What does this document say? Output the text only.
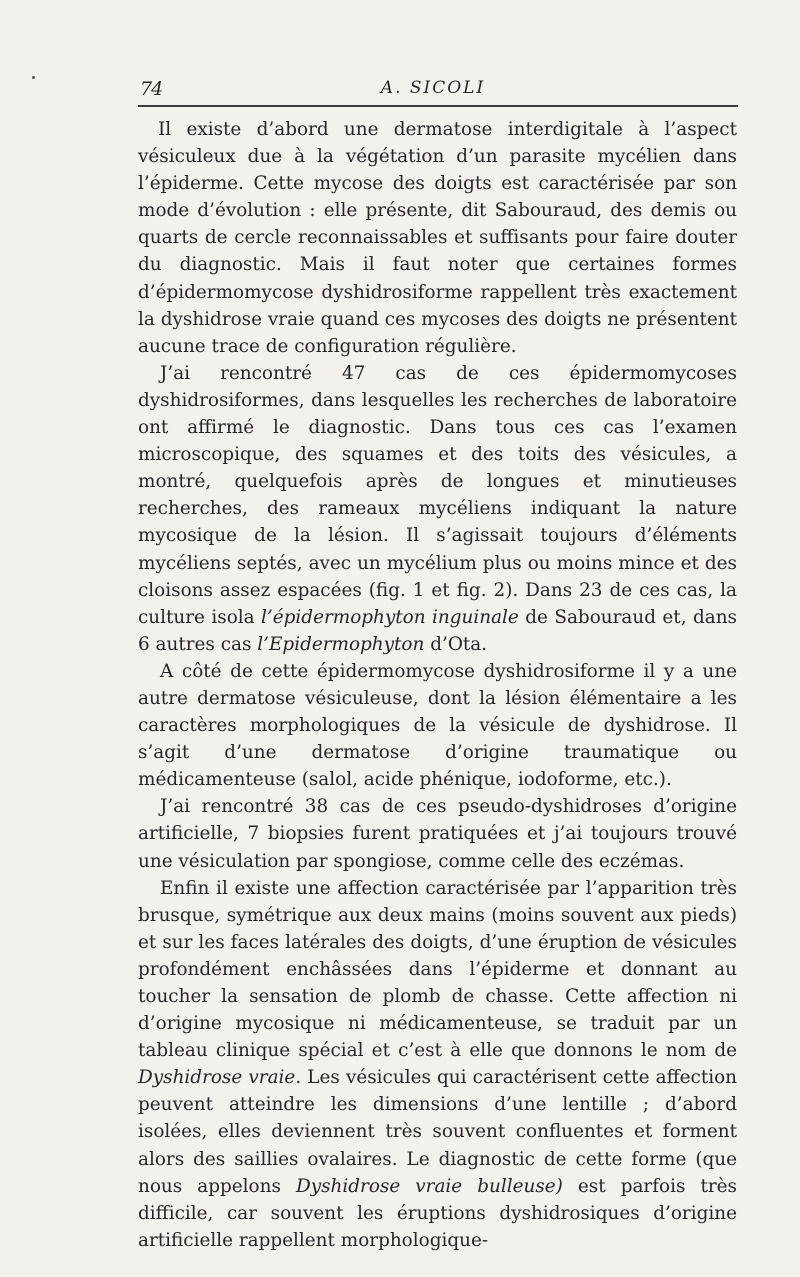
74	A. SICOLI

Il existe d’abord une dermatose interdigitale à l’aspect vésiculeux due à la végétation d’un parasite mycélien dans l’épiderme. Cette mycose des doigts est caractérisée par son mode d’évolution : elle présente, dit Sabouraud, des demis ou quarts de cercle reconnaissables et suffisants pour faire douter du diagnostic. Mais il faut noter que certaines formes d’épidermomycose dyshidrosiforme rappellent très exactement la dyshidrose vraie quand ces mycoses des doigts ne présentent aucune trace de configuration régulière.

J’ai rencontré 47 cas de ces épidermomycoses dyshidrosiformes, dans lesquelles les recherches de laboratoire ont affirmé le diagnostic. Dans tous ces cas l’examen microscopique, des squames et des toits des vésicules, a montré, quelquefois après de longues et minutieuses recherches, des rameaux mycéliens indiquant la nature mycosique de la lésion. Il s’agissait toujours d’éléments mycéliens septés, avec un mycélium plus ou moins mince et des cloisons assez espacées (fig. 1 et fig. 2). Dans 23 de ces cas, la culture isola l’épidermophyton inguinale de Sabouraud et, dans 6 autres cas l’Epidermophyton d’Ota.

A côté de cette épidermomycose dyshidrosiforme il y a une autre dermatose vésiculeuse, dont la lésion élémentaire a les caractères morphologiques de la vésicule de dyshidrose. Il s’agit d’une dermatose d’origine traumatique ou médicamenteuse (salol, acide phénique, iodoforme, etc.).

J’ai rencontré 38 cas de ces pseudo-dyshidroses d’origine artificielle, 7 biopsies furent pratiquées et j’ai toujours trouvé une vésiculation par spongiose, comme celle des eczémas.

Enfin il existe une affection caractérisée par l’apparition très brusque, symétrique aux deux mains (moins souvent aux pieds) et sur les faces latérales des doigts, d’une éruption de vésicules profondément enchâssées dans l’épiderme et donnant au toucher la sensation de plomb de chasse. Cette affection ni d’origine mycosique ni médicamenteuse, se traduit par un tableau clinique spécial et c’est à elle que donnons le nom de Dyshidrose vraie. Les vésicules qui caractérisent cette affection peuvent atteindre les dimensions d’une lentille ; d’abord isolées, elles deviennent très souvent confluentes et forment alors des saillies ovalaires. Le diagnostic de cette forme (que nous appelons Dyshidrose vraie bulleuse) est parfois très difficile, car souvent les éruptions dyshidrosiques d’origine artificielle rappellent morphologique-
